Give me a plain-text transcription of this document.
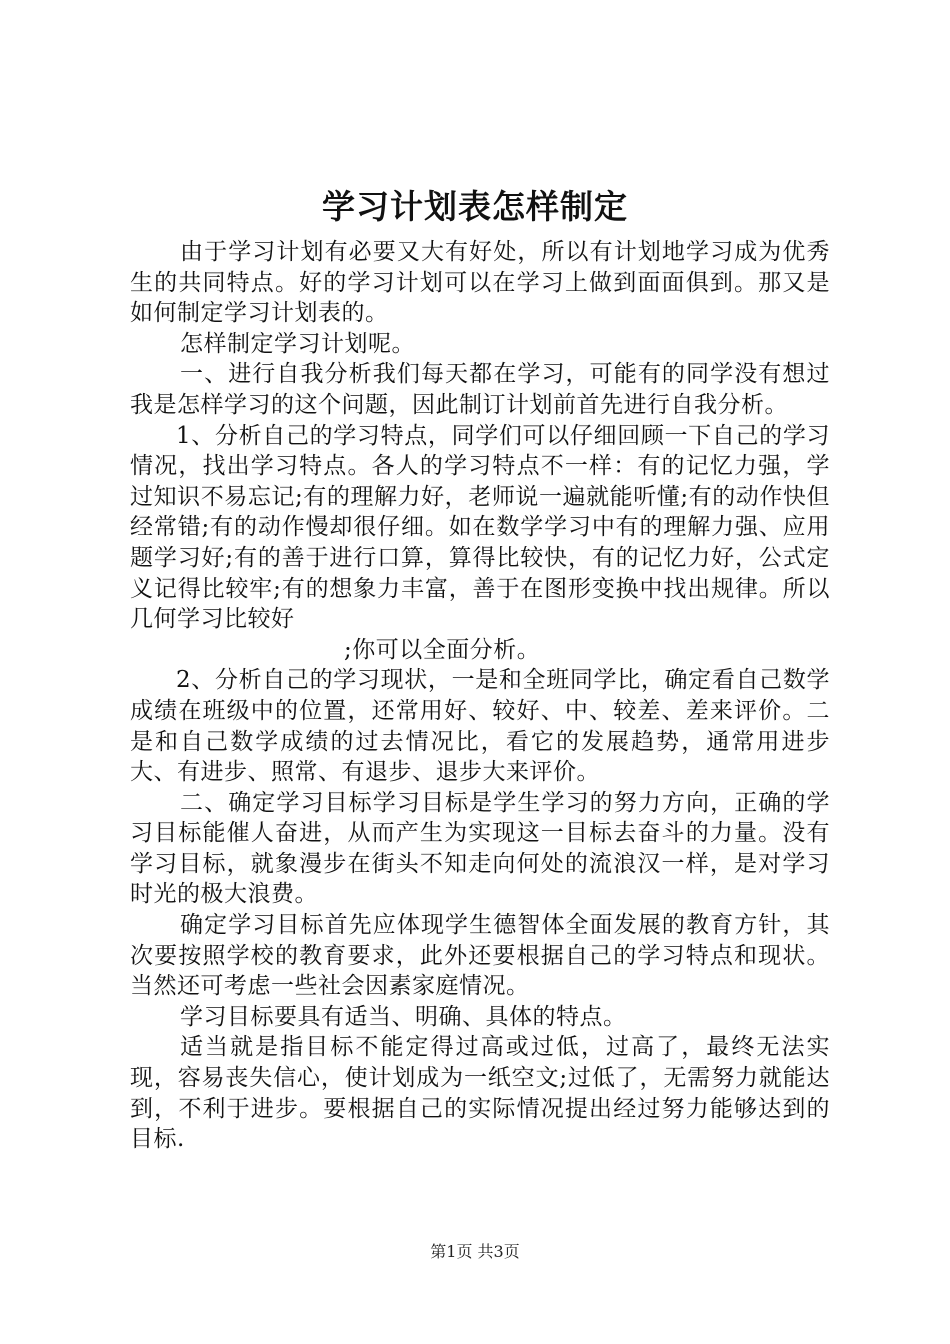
学习计划表怎样制定

由于学习计划有必要又大有好处，所以有计划地学习成为优秀生的共同特点。好的学习计划可以在学习上做到面面俱到。那又是如何制定学习计划表的。

怎样制定学习计划呢。

一、进行自我分析我们每天都在学习，可能有的同学没有想过我是怎样学习的这个问题，因此制订计划前首先进行自我分析。

1、分析自己的学习特点，同学们可以仔细回顾一下自己的学习情况，找出学习特点。各人的学习特点不一样：有的记忆力强，学过知识不易忘记;有的理解力好，老师说一遍就能听懂;有的动作快但经常错;有的动作慢却很仔细。如在数学学习中有的理解力强、应用题学习好;有的善于进行口算，算得比较快，有的记忆力好，公式定义记得比较牢;有的想象力丰富，善于在图形变换中找出规律。所以几何学习比较好

;你可以全面分析。

2、分析自己的学习现状，一是和全班同学比，确定看自己数学成绩在班级中的位置，还常用好、较好、中、较差、差来评价。二是和自己数学成绩的过去情况比，看它的发展趋势，通常用进步大、有进步、照常、有退步、退步大来评价。

二、确定学习目标学习目标是学生学习的努力方向，正确的学习目标能催人奋进，从而产生为实现这一目标去奋斗的力量。没有学习目标，就象漫步在街头不知走向何处的流浪汉一样，是对学习时光的极大浪费。

确定学习目标首先应体现学生德智体全面发展的教育方针，其次要按照学校的教育要求，此外还要根据自己的学习特点和现状。当然还可考虑一些社会因素家庭情况。

学习目标要具有适当、明确、具体的特点。

适当就是指目标不能定得过高或过低，过高了，最终无法实现，容易丧失信心，使计划成为一纸空文;过低了，无需努力就能达到，不利于进步。要根据自己的实际情况提出经过努力能够达到的目标.

第1页 共3页
